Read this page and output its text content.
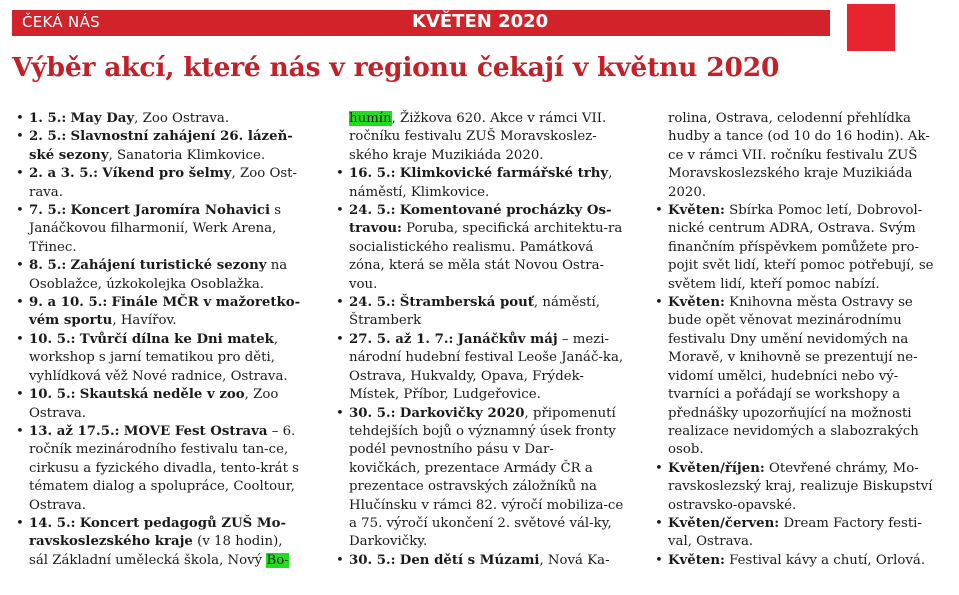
ČEKÁ NÁS	KVĚTEN 2020
Výběr akcí, které nás v regionu čekají v květnu 2020
• 1. 5.: May Day, Zoo Ostrava.
• 2. 5.: Slavnostní zahájení 26. lázeň-ské sezony, Sanatoria Klimkovice.
• 2. a 3. 5.: Víkend pro šelmy, Zoo Ost-rava.
• 7. 5.: Koncert Jaromíra Nohavici s Janáčkovou filharmonií, Werk Arena, Třinec.
• 8. 5.: Zahájení turistické sezony na Osoblažce, úzkokolejka Osoblažka.
• 9. a 10. 5.: Finále MČR v mažoretko-vém sportu, Havířov.
• 10. 5.: Tvůrčí dílna ke Dni matek, workshop s jarní tematikou pro děti, vyhlídková věž Nové radnice, Ostrava.
• 10. 5.: Skautská neděle v zoo, Zoo Ostrava.
• 13. až 17.5.: MOVE Fest Ostrava – 6. ročník mezinárodního festivalu tan-ce, cirkusu a fyzického divadla, tento-krát s tématem dialog a spolupráce, Cooltour, Ostrava.
• 14. 5.: Koncert pedagogů ZUŠ Mo-ravskoslezského kraje (v 18 hodin), sál Základní umělecká škola, Nový Bo-
humín, Žižkova 620. Akce v rámci VII. ročníku festivalu ZUŠ Moravskoslez-ského kraje Muzikiáda 2020.
• 16. 5.: Klimkovické farmářské trhy, náměstí, Klimkovice.
• 24. 5.: Komentované procházky Os-travou: Poruba, specifická architektu-ra socialistického realismu. Památková zóna, která se měla stát Novou Ostra-vou.
• 24. 5.: Štramberská pouť, náměstí, Štramberk
• 27. 5. až 1. 7.: Janáčkův máj – mezi-národní hudební festival Leoše Janáč-ka, Ostrava, Hukvaldy, Opava, Frýdek-Místek, Příbor, Ludgeřovice.
• 30. 5.: Darkovičky 2020, připomenutí tehdejších bojů o významný úsek fronty podél pevnostního pásu v Dar-kovičkách, prezentace Armády ČR a prezentace ostravských záložníků na Hlučínsku v rámci 82. výročí mobiliza-ce a 75. výročí ukončení 2. světové vál-ky, Darkovičky.
• 30. 5.: Den dětí s Múzami, Nová Ka-
rolina, Ostrava, celodenní přehlídka hudby a tance (od 10 do 16 hodin). Ak-ce v rámci VII. ročníku festivalu ZUŠ Moravskoslezského kraje Muzikiáda 2020.
• Květen: Sbírka Pomoc letí, Dobrovol-nické centrum ADRA, Ostrava. Svým finančním příspěvkem pomůžete pro-pojit svět lidí, kteří pomoc potřebují, se světem lidí, kteří pomoc nabízí.
• Květen: Knihovna města Ostravy se bude opět věnovat mezinárodnímu festivalu Dny umění nevidomých na Moravě, v knihovně se prezentují ne-vidomí umělci, hudebníci nebo vý-tvarníci a pořádají se workshopy a přednášky upozorňující na možnosti realizace nevidomých a slabozrakých osob.
• Květen/říjen: Otevřené chrámy, Mo-ravskoslezský kraj, realizuje Biskupství ostravsko-opavské.
• Květen/červen: Dream Factory festi-val, Ostrava.
• Květen: Festival kávy a chutí, Orlová.
